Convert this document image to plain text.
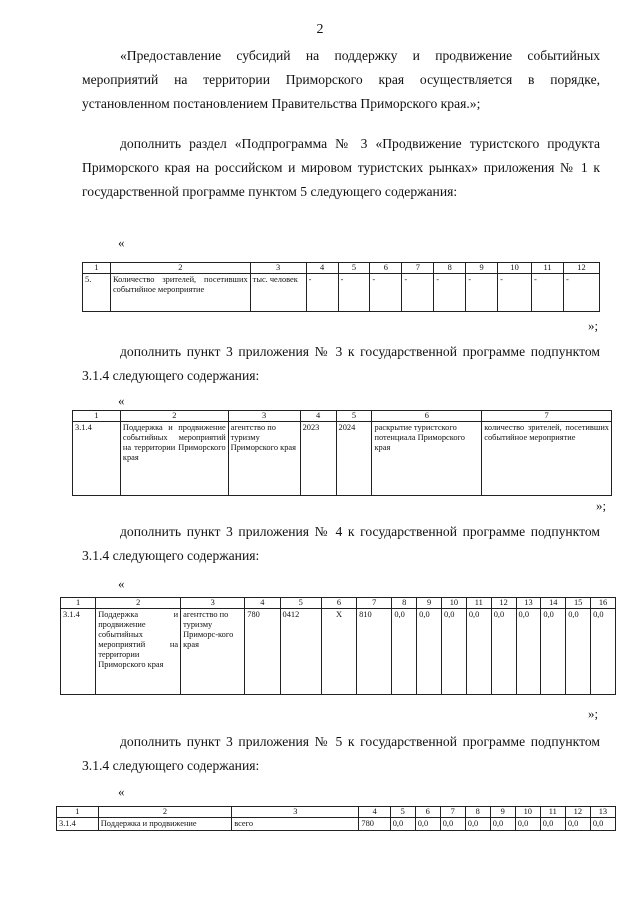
2
«Предоставление субсидий на поддержку и продвижение событийных мероприятий на территории Приморского края осуществляется в порядке, установленном постановлением Правительства Приморского края.»;
дополнить раздел «Подпрограмма № 3 «Продвижение туристского продукта Приморского края на российском и мировом туристских рынках» приложения № 1 к государственной программе пунктом 5 следующего содержания:
«
1	2	3	4	5	6	7	8	9	10	11	12
5.	Количество зрителей, посетивших событийное мероприятие	тыс. человек	-	-	-	-	-	-	-	-	-
»;
дополнить пункт 3 приложения № 3 к государственной программе подпунктом 3.1.4 следующего содержания:
«
1	2	3	4	5	6	7
3.1.4	Поддержка и продвижение событийных мероприятий на территории Приморского края	агентство по туризму Приморского края	2023	2024	раскрытие туристского потенциала Приморского края	количество зрителей, посетивших событийное мероприятие
»;
дополнить пункт 3 приложения № 4 к государственной программе подпунктом 3.1.4 следующего содержания:
«
1	2	3	4	5	6	7	8	9	10	11	12	13	14	15	16
3.1.4	Поддержка и продвижение событийных мероприятий на территории Приморского края	агентство по туризму Приморс-кого края	780	0412	Х	810	0,0	0,0	0,0	0,0	0,0	0,0	0,0	0,0	0,0
»;
дополнить пункт 3 приложения № 5 к государственной программе подпунктом 3.1.4 следующего содержания:
«
1	2	3	4	5	6	7	8	9	10	11	12	13
3.1.4	Поддержка и продвижение	всего	780	0,0	0,0	0,0	0,0	0,0	0,0	0,0	0,0	0,0
